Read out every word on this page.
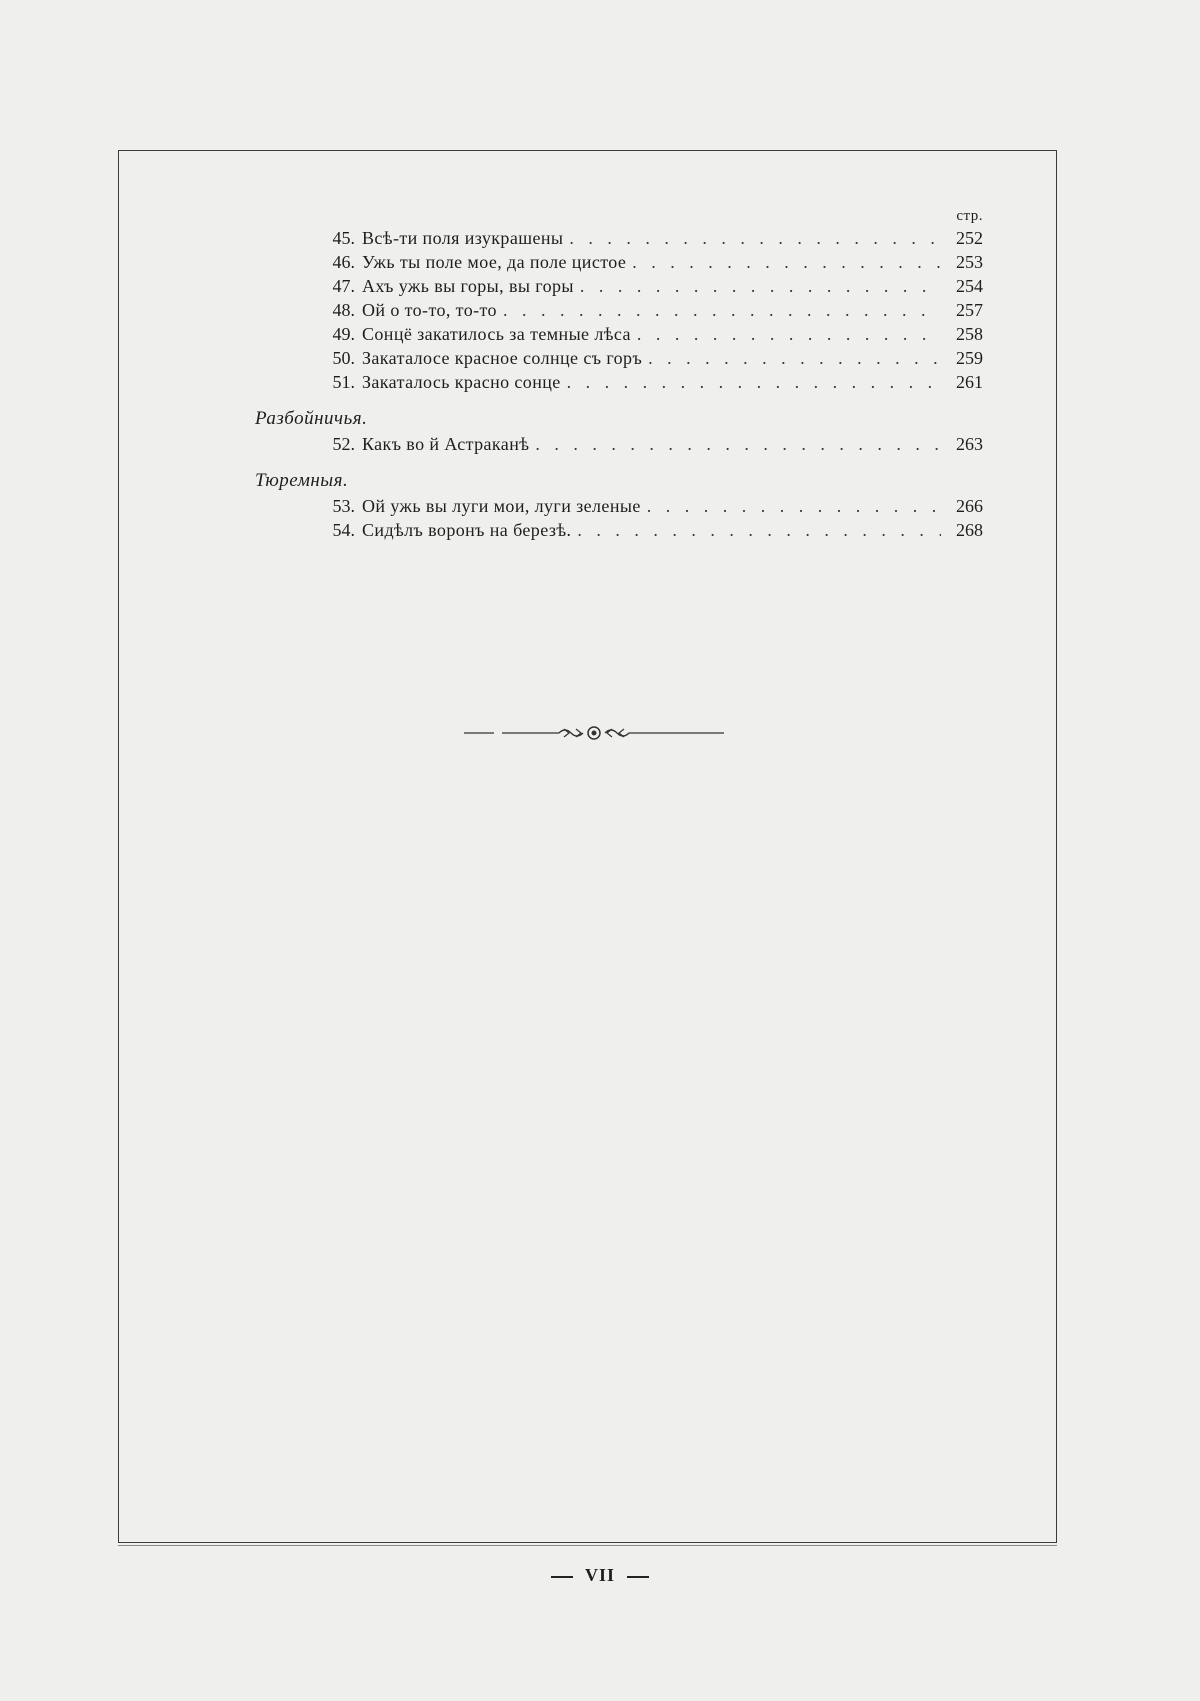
стр.
45. Всѣ-ти поля изукрашены . . .	252
46. Ужь ты поле мое, да поле цистое . . .	253
47. Ахъ ужь вы горы, вы горы . . .	254
48. Ой о то-то, то-то . . .	257
49. Сонцё закатилось за темные лѣса . . .	258
50. Закаталосе красное солнце съ горъ . . .	259
51. Закаталось красно сонце . . .	261
Разбойничья.
52. Какъ во й Астраканѣ . . .	263
Тюремныя.
53. Ой ужь вы луги мои, луги зеленые . . .	266
54. Сидѣлъ воронъ на березѣ. . . .	268
VII
